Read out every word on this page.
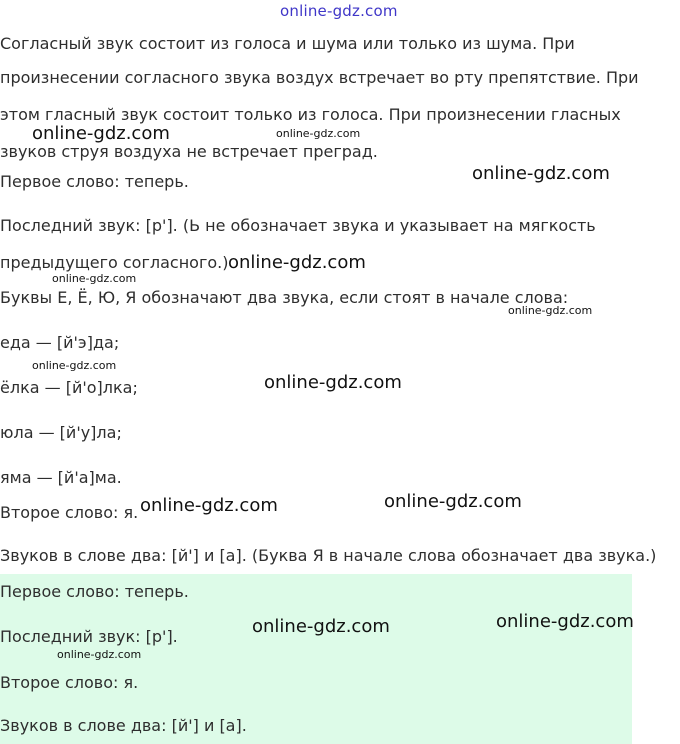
online-gdz.com
Согласный звук состоит из голоса и шума или только из шума. При
произнесении согласного звука воздух встречает во рту препятствие. При
этом гласный звук состоит только из голоса. При произнесении гласных
звуков струя воздуха не встречает преград.
Первое слово: теперь.
Последний звук: [р']. (Ь не обозначает звука и указывает на мягкость
предыдущего согласного.)
Буквы Е, Ё, Ю, Я обозначают два звука, если стоят в начале слова:
еда — [й'э]да;
ёлка — [й'о]лка;
юла — [й'у]ла;
яма — [й'а]ма.
Второе слово: я.
Звуков в слове два: [й'] и [а]. (Буква Я в начале слова обозначает два звука.)
Первое слово: теперь.
Последний звук: [р'].
Второе слово: я.
Звуков в слове два: [й'] и [а].
online-gdz.com	online-gdz.com
online-gdz.com
online-gdz.com
online-gdz.com
online-gdz.com
online-gdz.com
online-gdz.com
online-gdz.com
online-gdz.com
online-gdz.com
online-gdz.com
online-gdz.com
